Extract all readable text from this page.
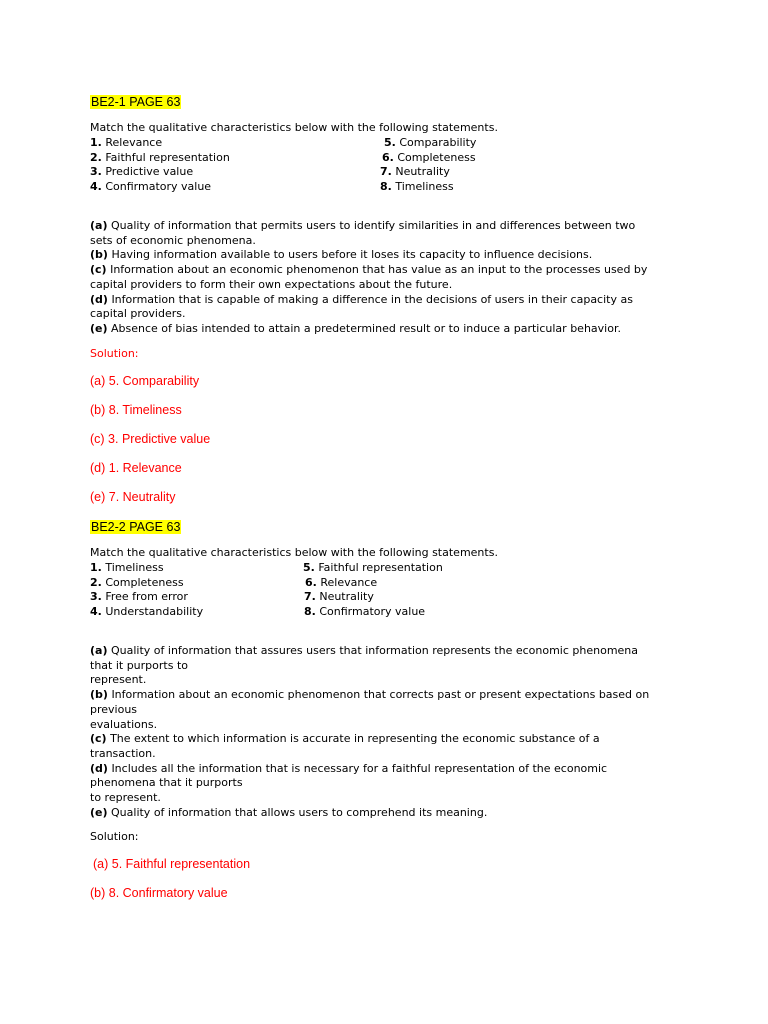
BE2-1 PAGE 63
Match the qualitative characteristics below with the following statements.
1. Relevance
2. Faithful representation
3. Predictive value
4. Confirmatory value
5. Comparability
6. Completeness
7. Neutrality
8. Timeliness
(a) Quality of information that permits users to identify similarities in and differences between two
sets of economic phenomena.
(b) Having information available to users before it loses its capacity to influence decisions.
(c) Information about an economic phenomenon that has value as an input to the processes used by
capital providers to form their own expectations about the future.
(d) Information that is capable of making a difference in the decisions of users in their capacity as
capital providers.
(e) Absence of bias intended to attain a predetermined result or to induce a particular behavior.
Solution:
(a) 5. Comparability
(b) 8. Timeliness
(c) 3. Predictive value
(d) 1. Relevance
(e) 7. Neutrality
BE2-2 PAGE 63
Match the qualitative characteristics below with the following statements.
1. Timeliness
2. Completeness
3. Free from error
4. Understandability
5. Faithful representation
6. Relevance
7. Neutrality
8. Confirmatory value
(a) Quality of information that assures users that information represents the economic phenomena
that it purports to
represent.
(b) Information about an economic phenomenon that corrects past or present expectations based on
previous
evaluations.
(c) The extent to which information is accurate in representing the economic substance of a
transaction.
(d) Includes all the information that is necessary for a faithful representation of the economic
phenomena that it purports
to represent.
(e) Quality of information that allows users to comprehend its meaning.
Solution:
(a) 5. Faithful representation
(b) 8. Confirmatory value
